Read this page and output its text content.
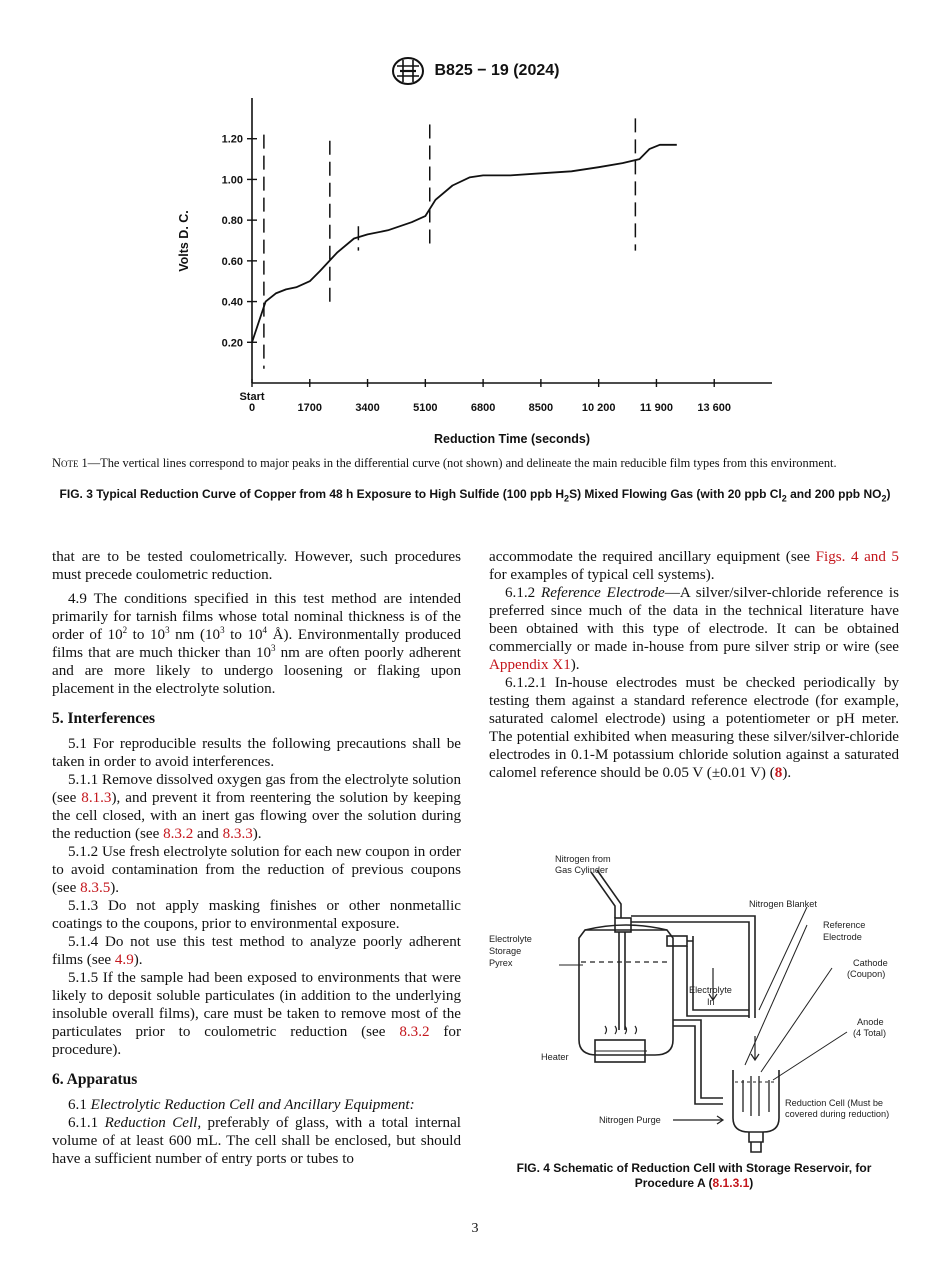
B825 − 19 (2024)
0.20
0.40
0.60
0.80
1.00
1.20
0	1700	3400	5100	6800	8500	10 200 11 900 13 600
Start
Reduction Time (seconds)
Volts D. C.
Note 1—The vertical lines correspond to major peaks in the differential curve (not shown) and delineate the main reducible film types from this environment.
FIG. 3 Typical Reduction Curve of Copper from 48 h Exposure to High Sulfide (100 ppb $H_2S$) Mixed Flowing Gas (with 20 ppb $Cl_2$ and 200 ppb $NO_2$)

that are to be tested coulometrically. However, such procedures must precede coulometric reduction.

4.9 The conditions specified in this test method are intended primarily for tarnish films whose total nominal thickness is of the order of $10^2$ to $10^3$ nm ($10^3$ to $10^4$ Å). Environmentally produced films that are much thicker than $10^3$ nm are often poorly adherent and are more likely to undergo loosening or flaking upon placement in the electrolyte solution.

5. Interferences

5.1 For reproducible results the following precautions shall be taken in order to avoid interferences.

5.1.1 Remove dissolved oxygen gas from the electrolyte solution (see 8.1.3), and prevent it from reentering the solution by keeping the cell closed, with an inert gas flowing over the solution during the reduction (see 8.3.2 and 8.3.3).

5.1.2 Use fresh electrolyte solution for each new coupon in order to avoid contamination from the reduction of previous coupons (see 8.3.5).

5.1.3 Do not apply masking finishes or other nonmetallic coatings to the coupons, prior to environmental exposure.

5.1.4 Do not use this test method to analyze poorly adherent films (see 4.9).

5.1.5 If the sample had been exposed to environments that were likely to deposit soluble particulates (in addition to the underlying insoluble overall films), care must be taken to remove most of the particulates prior to coulometric reduction (see 8.3.2 for procedure).

6. Apparatus

6.1 Electrolytic Reduction Cell and Ancillary Equipment:

6.1.1 Reduction Cell, preferably of glass, with a total internal volume of at least 600 mL. The cell shall be enclosed, but should have a sufficient number of entry ports or tubes to

accommodate the required ancillary equipment (see Figs. 4 and 5 for examples of typical cell systems).

6.1.2 Reference Electrode—A silver/silver-chloride reference is preferred since much of the data in the technical literature have been obtained with this type of electrode. It can be obtained commercially or made in-house from pure silver strip or wire (see Appendix X1).

6.1.2.1 In-house electrodes must be checked periodically by testing them against a standard reference electrode (for example, saturated calomel electrode) using a potentiometer or pH meter. The potential exhibited when measuring these silver/silver-chloride electrodes in 0.1-M potassium chloride solution against a saturated calomel reference should be 0.05 V (±0.01 V) (8).

Nitrogen from
Gas Cylinder
Nitrogen Blanket
Reference
Electrode
Electrolyte
Storage
Pyrex	Cathode
(Coupon)
Electrolyte
In
Anode
(4 Total)
Heater
Reduction Cell (Must be
covered during reduction)
Nitrogen Purge
FIG. 4 Schematic of Reduction Cell with Storage Reservoir, for Procedure A (8.1.3.1)
3
